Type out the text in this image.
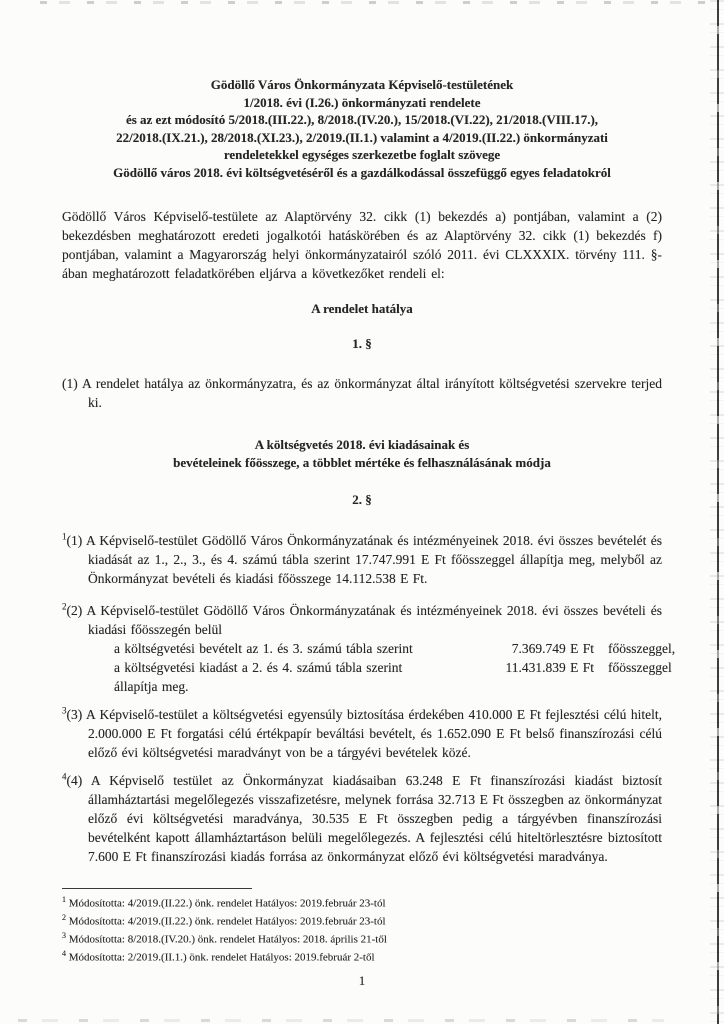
Gödöllő Város Önkormányzata Képviselő-testületének
1/2018. évi (I.26.) önkormányzati rendelete
és az ezt módosító 5/2018.(III.22.), 8/2018.(IV.20.), 15/2018.(VI.22), 21/2018.(VIII.17.),
22/2018.(IX.21.), 28/2018.(XI.23.), 2/2019.(II.1.) valamint a 4/2019.(II.22.) önkormányzati
rendeletekkel egységes szerkezetbe foglalt szövege
Gödöllő város 2018. évi költségvetéséről és a gazdálkodással összefüggő egyes feladatokról

Gödöllő Város Képviselő-testülete az Alaptörvény 32. cikk (1) bekezdés a) pontjában, valamint a (2) bekezdésben meghatározott eredeti jogalkotói hatáskörében és az Alaptörvény 32. cikk (1) bekezdés f) pontjában, valamint a Magyarország helyi önkormányzatairól szóló 2011. évi CLXXXIX. törvény 111. §-ában meghatározott feladatkörében eljárva a következőket rendeli el:

A rendelet hatálya
1. §

(1) A rendelet hatálya az önkormányzatra, és az önkormányzat által irányított költségvetési szervekre terjed ki.

A költségvetés 2018. évi kiadásainak és
bevételeinek főösszege, a többlet mértéke és felhasználásának módja
2. §

$^1$(1) A Képviselő-testület Gödöllő Város Önkormányzatának és intézményeinek 2018. évi összes bevételét és kiadását az 1., 2., 3., és 4. számú tábla szerint 17.747.991 E Ft főösszeggel állapítja meg, melyből az Önkormányzat bevételi és kiadási főösszege 14.112.538 E Ft.

$^2$(2) A Képviselő-testület Gödöllő Város Önkormányzatának és intézményeinek 2018. évi összes bevételi és kiadási főösszegén belül
a költségvetési bevételt az 1. és 3. számú tábla szerint	7.369.749 E Ft	főösszeggel,
a költségvetési kiadást a 2. és 4. számú tábla szerint	11.431.839 E Ft	főösszeggel
állapítja meg.

$^3$(3) A Képviselő-testület a költségvetési egyensúly biztosítása érdekében 410.000 E Ft fejlesztési célú hitelt, 2.000.000 E Ft forgatási célú értékpapír beváltási bevételt, és 1.652.090 E Ft belső finanszírozási célú előző évi költségvetési maradványt von be a tárgyévi bevételek közé.

$^4$(4) A Képviselő testület az Önkormányzat kiadásaiban 63.248 E Ft finanszírozási kiadást biztosít államháztartási megelőlegezés visszafizetésre, melynek forrása 32.713 E Ft összegben az önkormányzat előző évi költségvetési maradványa, 30.535 E Ft összegben pedig a tárgyévben finanszírozási bevételként kapott államháztartáson belüli megelőlegezés. A fejlesztési célú hiteltörlesztésre biztosított 7.600 E Ft finanszírozási kiadás forrása az önkormányzat előző évi költségvetési maradványa.

$^1$ Módosította: 4/2019.(II.22.) önk. rendelet Hatályos: 2019.február 23-tól
$^2$ Módosította: 4/2019.(II.22.) önk. rendelet Hatályos: 2019.február 23-tól
$^3$ Módosította: 8/2018.(IV.20.) önk. rendelet Hatályos: 2018. április 21-től
$^4$ Módosította: 2/2019.(II.1.) önk. rendelet Hatályos: 2019.február 2-től
1
